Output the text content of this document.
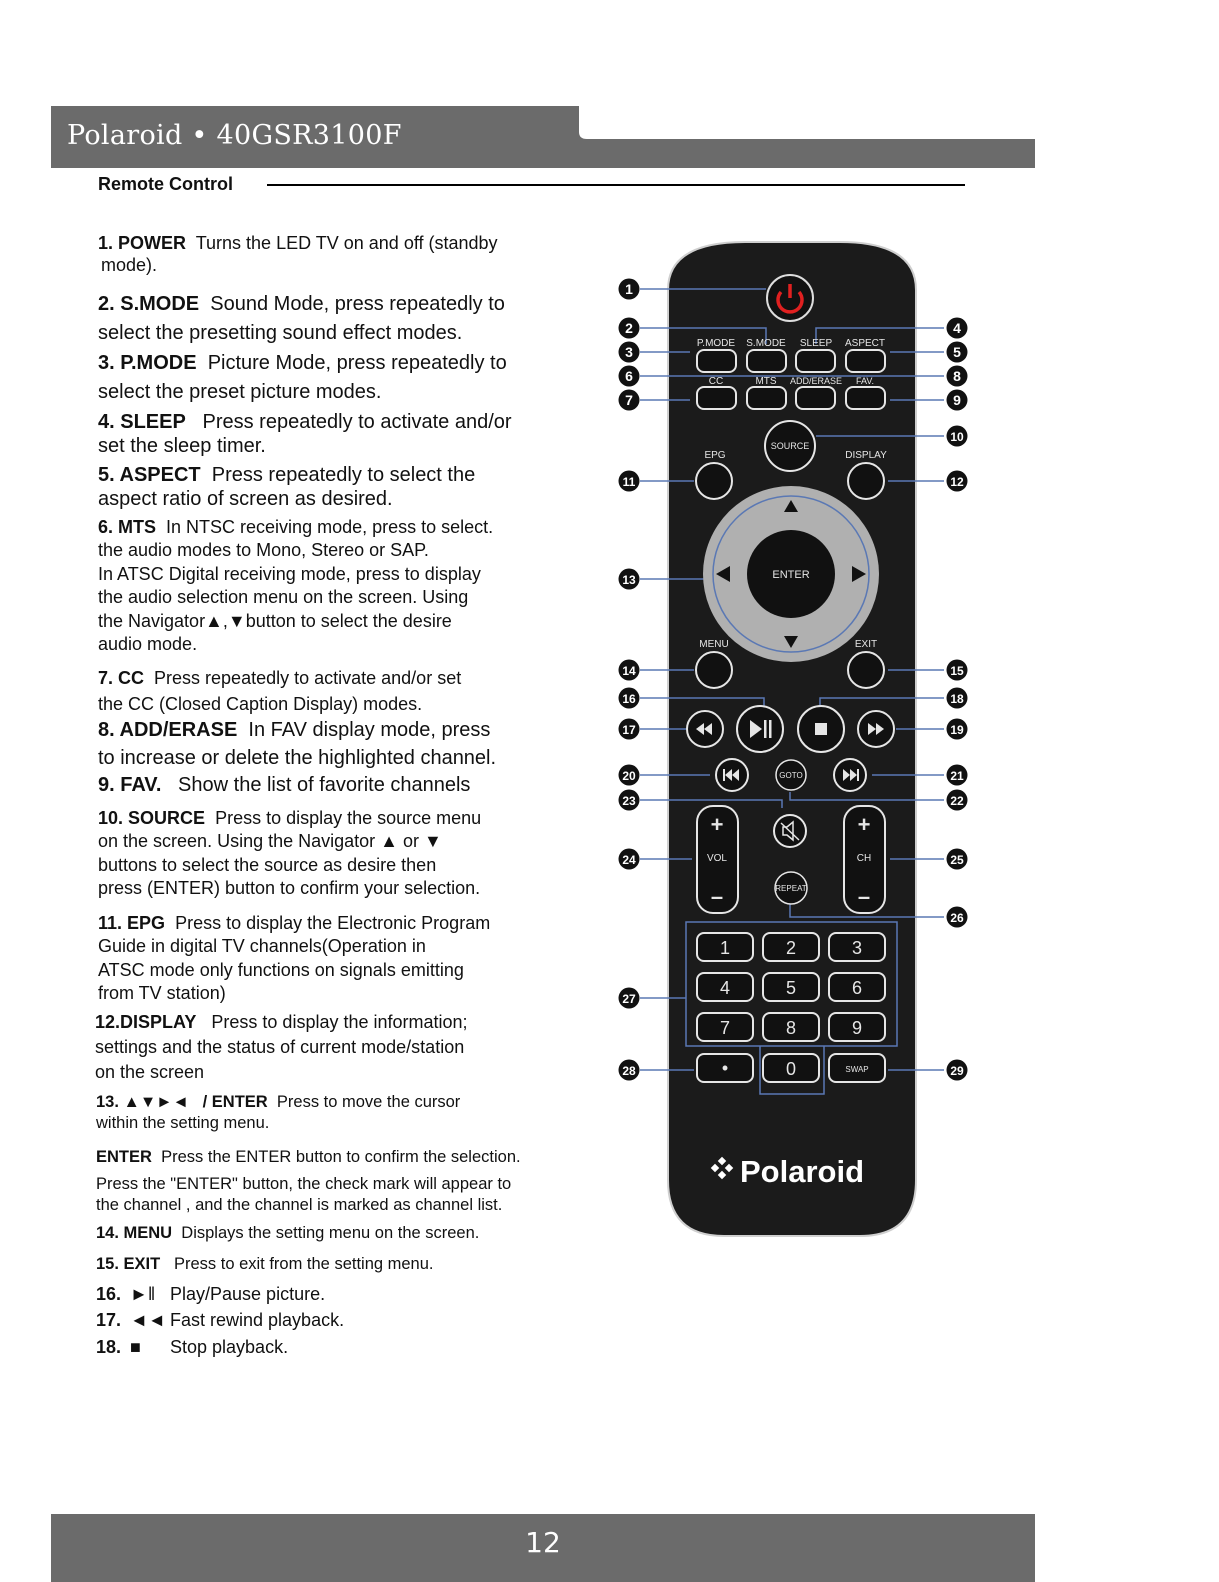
Polaroid • 40GSR3100F
Remote Control
1. POWER Turns the LED TV on and off (standby
mode).
2. S.MODE Sound Mode, press repeatedly to
select the presetting sound effect modes.
3. P.MODE Picture Mode, press repeatedly to
select the preset picture modes.
4. SLEEP Press repeatedly to activate and/or
set the sleep timer.
5. ASPECT Press repeatedly to select the
aspect ratio of screen as desired.
6. MTS In NTSC receiving mode, press to select.
the audio modes to Mono, Stereo or SAP.
In ATSC Digital receiving mode, press to display
the audio selection menu on the screen. Using
the Navigator▲,▼button to select the desire
audio mode.
7. CC Press repeatedly to activate and/or set
the CC (Closed Caption Display) modes.
8. ADD/ERASE In FAV display mode, press
to increase or delete the highlighted channel.
9. FAV. Show the list of favorite channels
10. SOURCE Press to display the source menu
on the screen. Using the Navigator ▲ or ▼
buttons to select the source as desire then
press (ENTER) button to confirm your selection.
11. EPG Press to display the Electronic Program
Guide in digital TV channels(Operation in
ATSC mode only functions on signals emitting
from TV station)
12.DISPLAY Press to display the information;
settings and the status of current mode/station
on the screen
13. ▲▼►◄ / ENTER Press to move the cursor
within the setting menu.
ENTER Press the ENTER button to confirm the selection.
Press the "ENTER" button, the check mark will appear to
the channel , and the channel is marked as channel list.
14. MENU Displays the setting menu on the screen.
15. EXIT Press to exit from the setting menu.
16. ►ǁ Play/Pause picture.
17. ◄◄ Fast rewind playback.
18. ■ Stop playback.
P.MODE S.MODE SLEEP ASPECT
CC	MTS ADD/ERASE FAV.
SOURCE
EPG	DISPLAY
ENTER
MENU	EXIT
GOTO
+
VOL
–
+
CH
–
REPEAT
1	2	3
4	5	6
7	8	9
•	0	SWAP
Polaroid
1
2
3
4
5
6
7
8
9
10
11	12
13
14	15
16
17
18
19
20	21
22
23
24	25
26
27
28	29
12
